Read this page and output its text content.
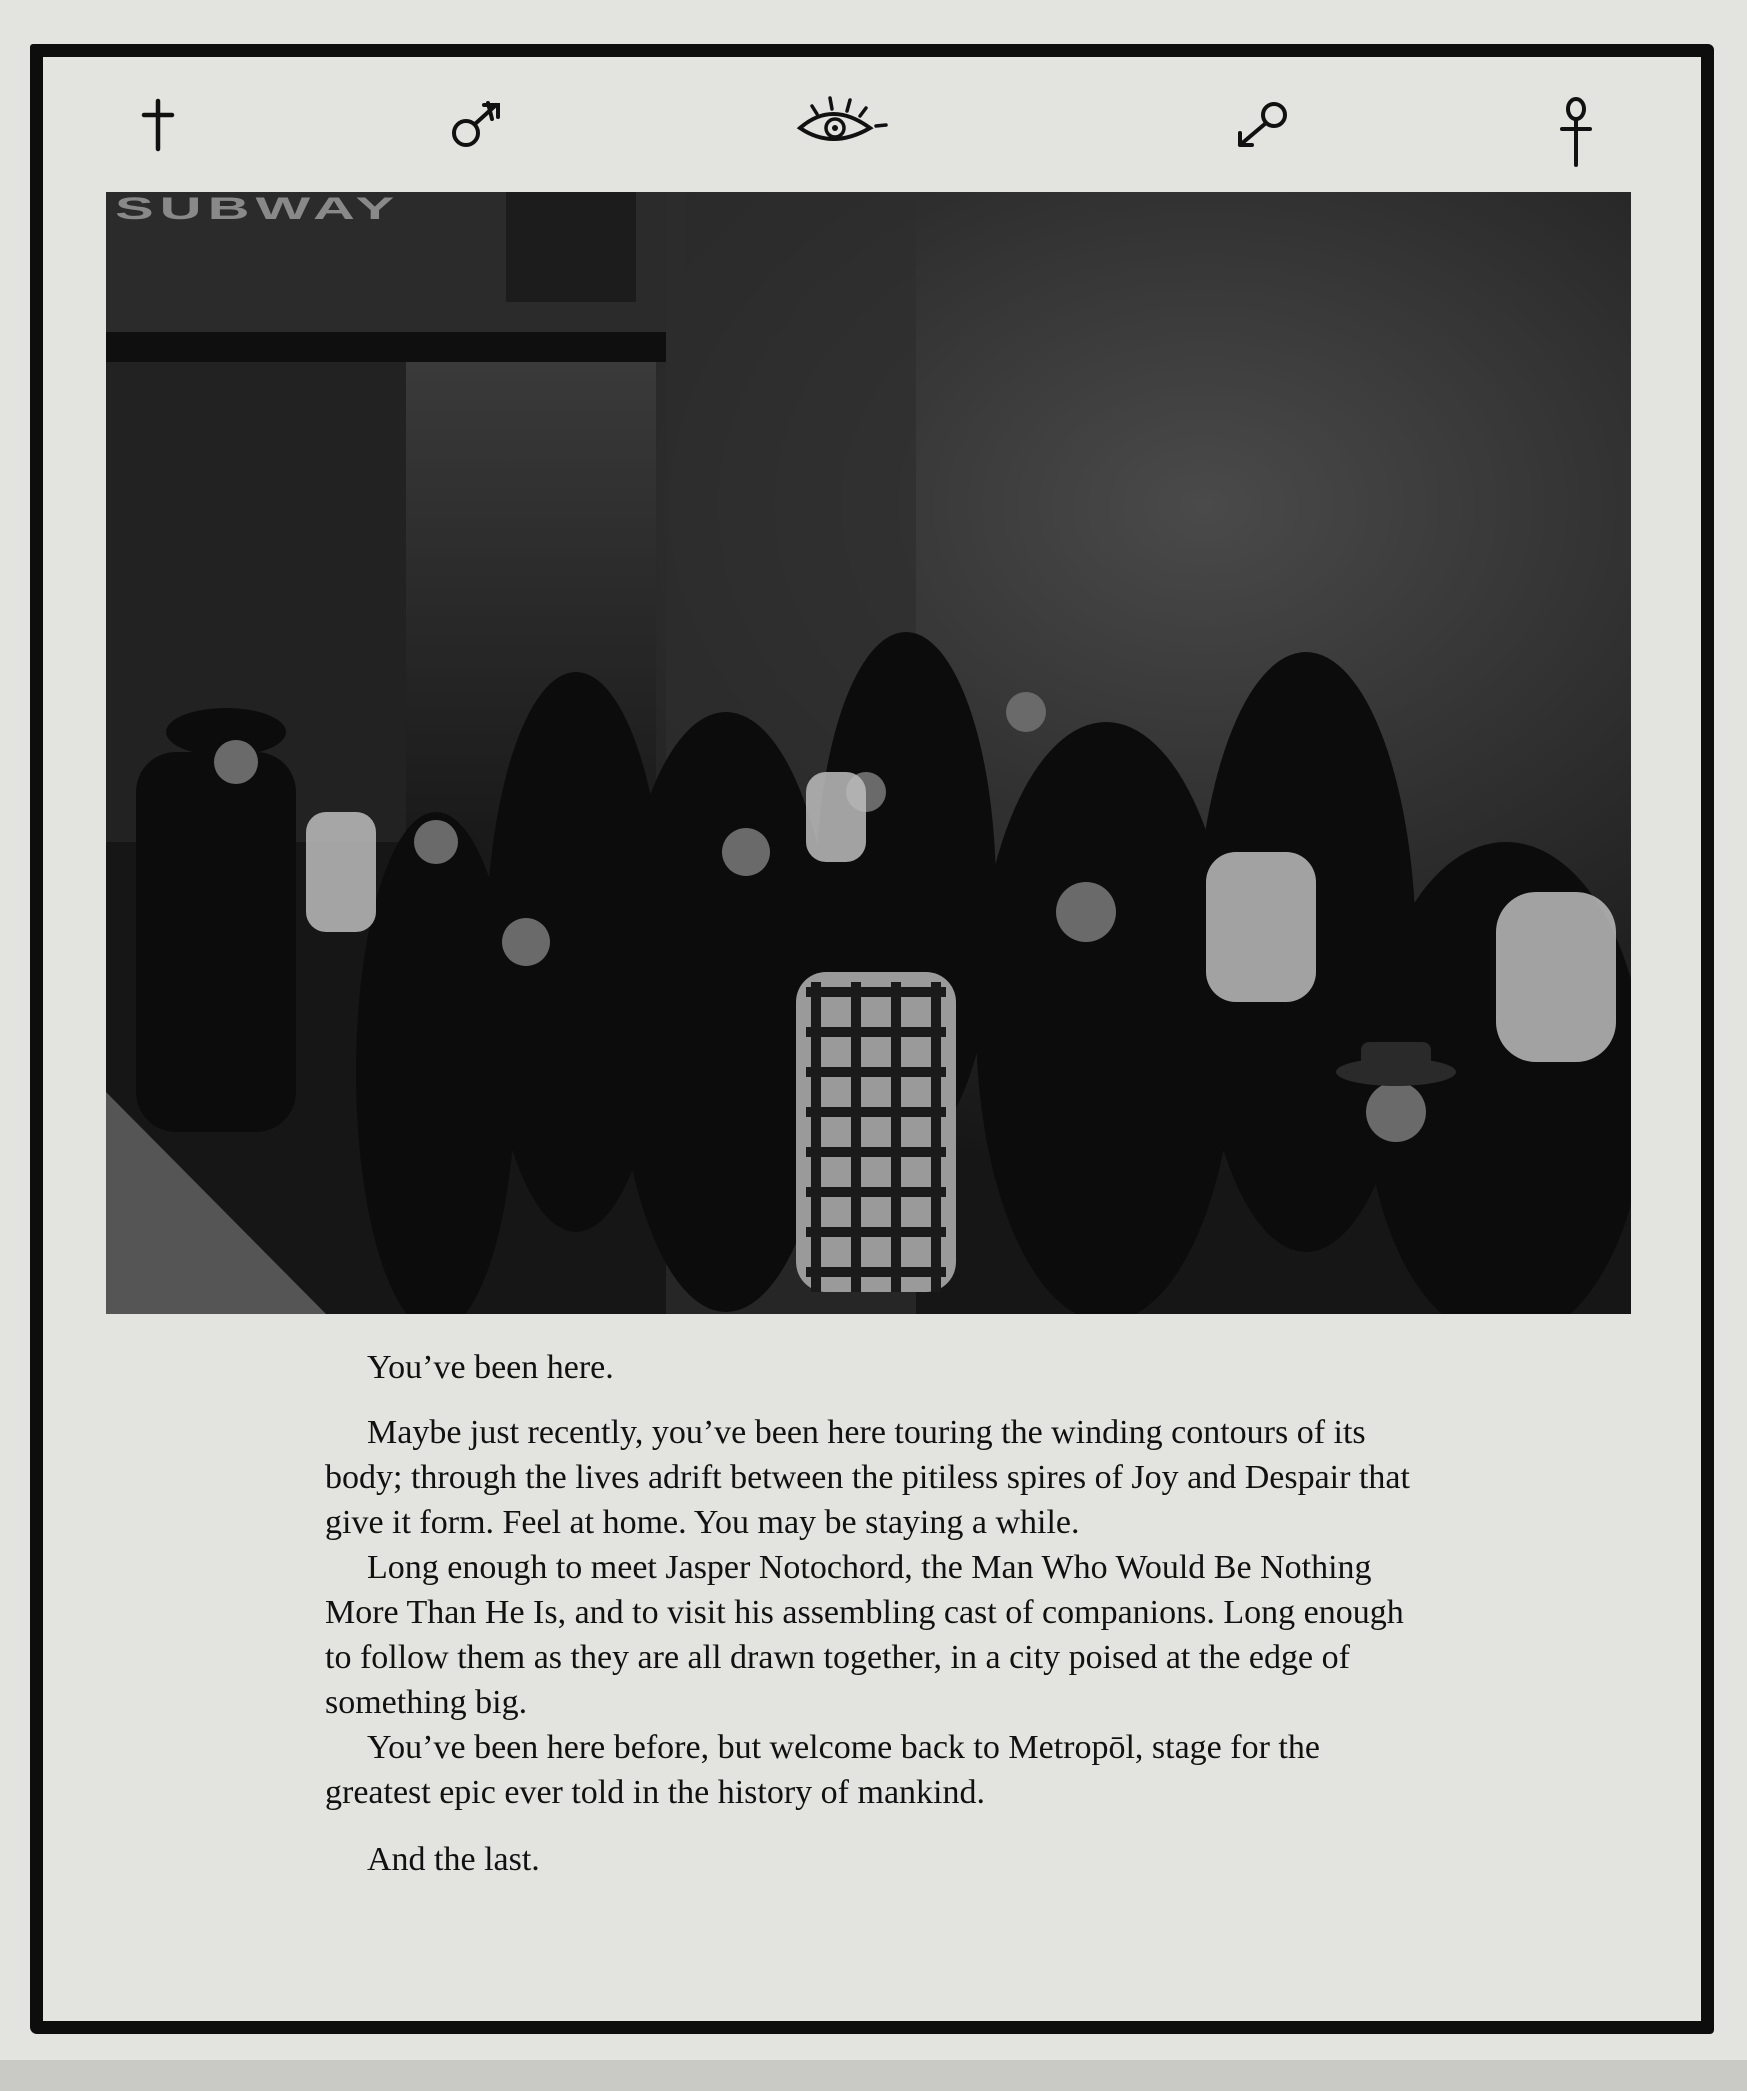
SUBWAY

You’ve been here.

Maybe just recently, you’ve been here touring the winding contours of its body; through the lives adrift between the pitiless spires of Joy and Despair that give it form. Feel at home. You may be staying a while.

Long enough to meet Jasper Notochord, the Man Who Would Be Nothing More Than He Is, and to visit his assembling cast of companions. Long enough to follow them as they are all drawn together, in a city poised at the edge of something big.

You’ve been here before, but welcome back to Metropōl, stage for the greatest epic ever told in the history of mankind.

And the last.
